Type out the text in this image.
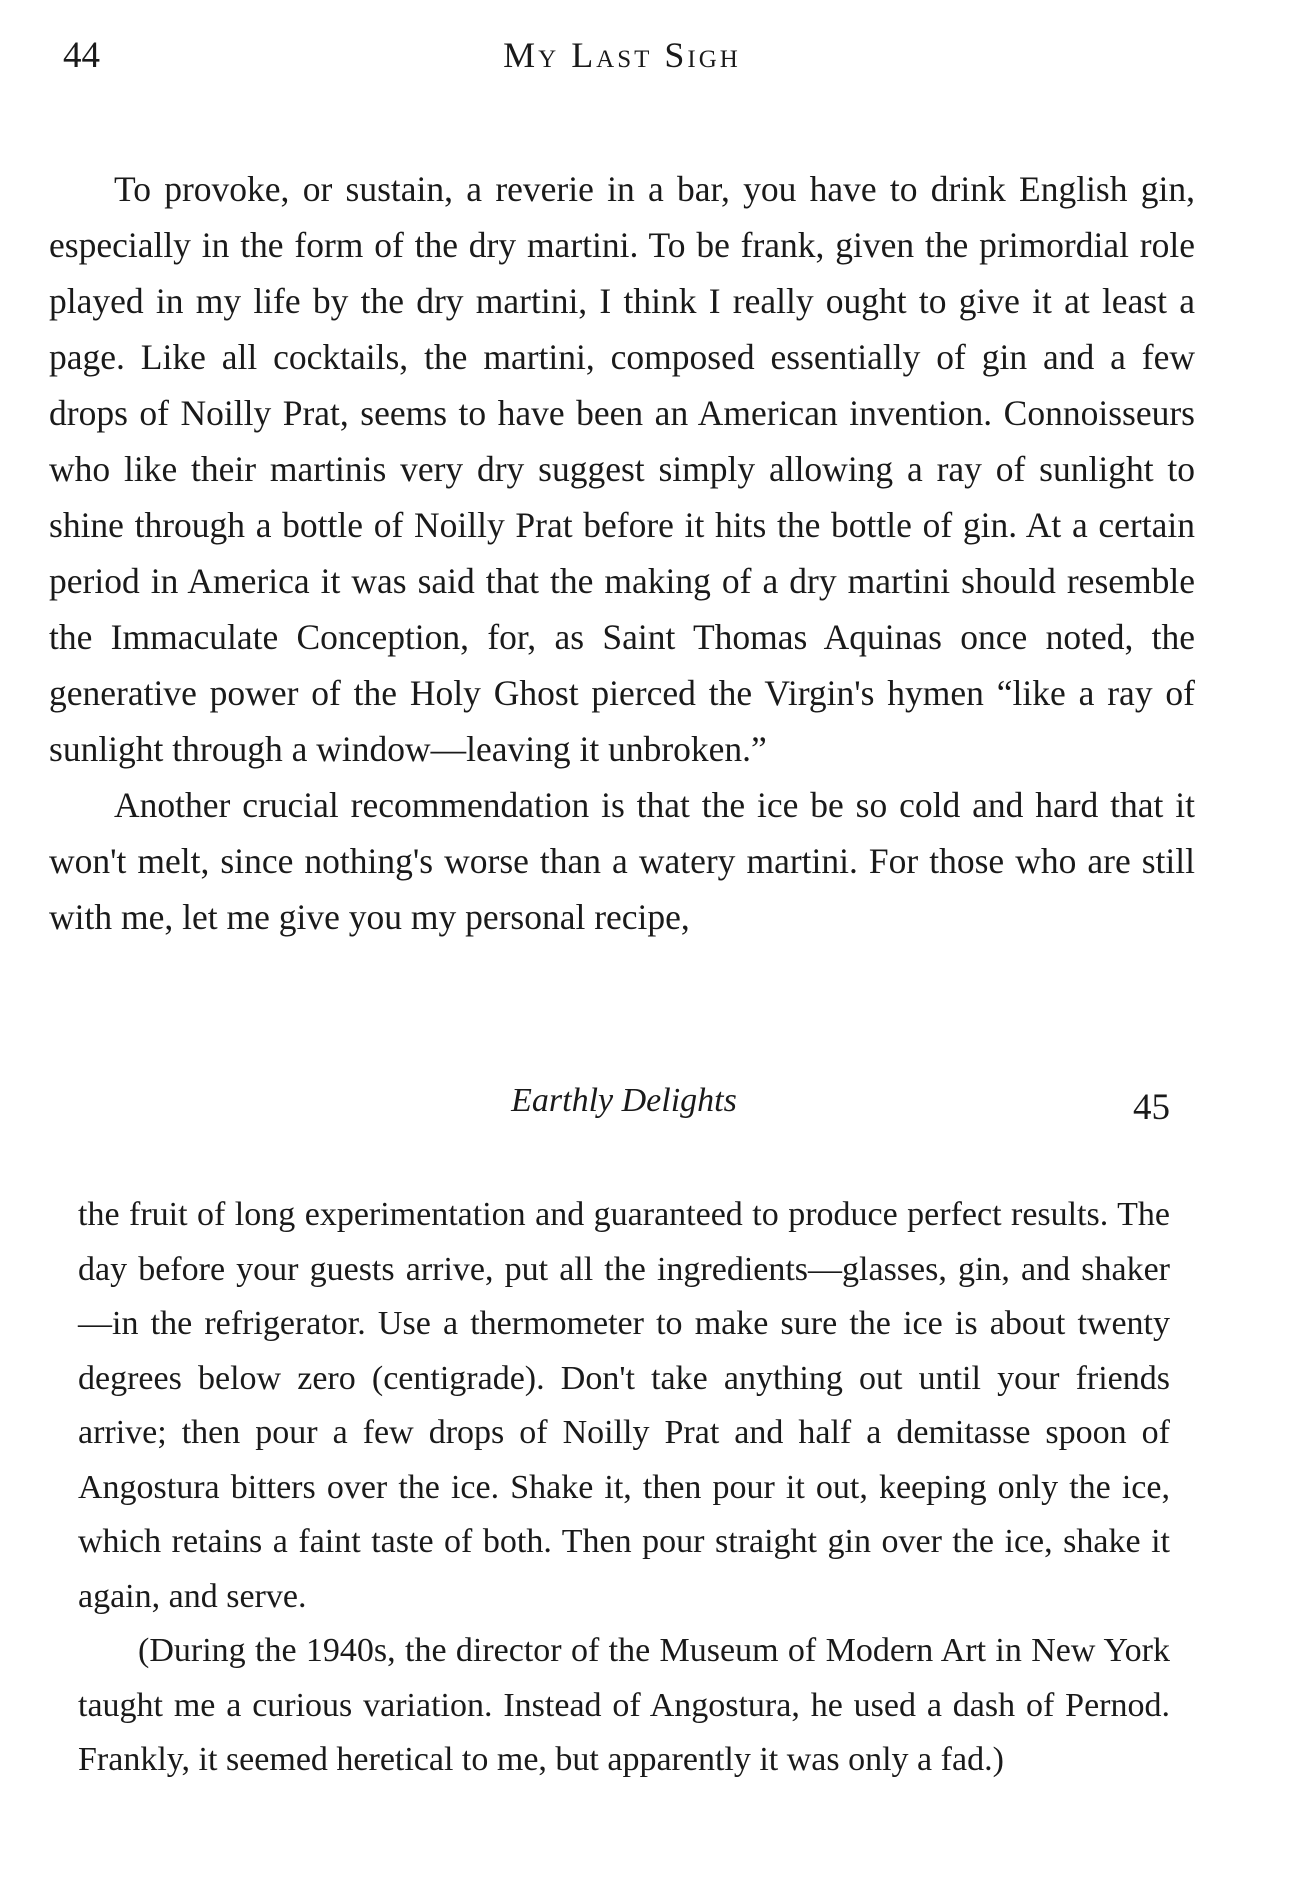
44	My Last Sigh

To provoke, or sustain, a reverie in a bar, you have to drink English gin, especially in the form of the dry martini. To be frank, given the primordial role played in my life by the dry martini, I think I really ought to give it at least a page. Like all cocktails, the martini, composed essentially of gin and a few drops of Noilly Prat, seems to have been an American invention. Connoisseurs who like their martinis very dry suggest simply allowing a ray of sunlight to shine through a bottle of Noilly Prat before it hits the bottle of gin. At a certain period in America it was said that the making of a dry martini should resemble the Immaculate Conception, for, as Saint Thomas Aquinas once noted, the generative power of the Holy Ghost pierced the Virgin's hymen “like a ray of sunlight through a window—leaving it unbroken.”

Another crucial recommendation is that the ice be so cold and hard that it won't melt, since nothing's worse than a watery martini. For those who are still with me, let me give you my personal recipe,

Earthly Delights	45

the fruit of long experimentation and guaranteed to produce perfect results. The day before your guests arrive, put all the ingredients—glasses, gin, and shaker—in the refrigerator. Use a thermometer to make sure the ice is about twenty degrees below zero (centigrade). Don't take anything out until your friends arrive; then pour a few drops of Noilly Prat and half a demitasse spoon of Angostura bitters over the ice. Shake it, then pour it out, keeping only the ice, which retains a faint taste of both. Then pour straight gin over the ice, shake it again, and serve.

(During the 1940s, the director of the Museum of Modern Art in New York taught me a curious variation. Instead of Angostura, he used a dash of Pernod. Frankly, it seemed heretical to me, but apparently it was only a fad.)
